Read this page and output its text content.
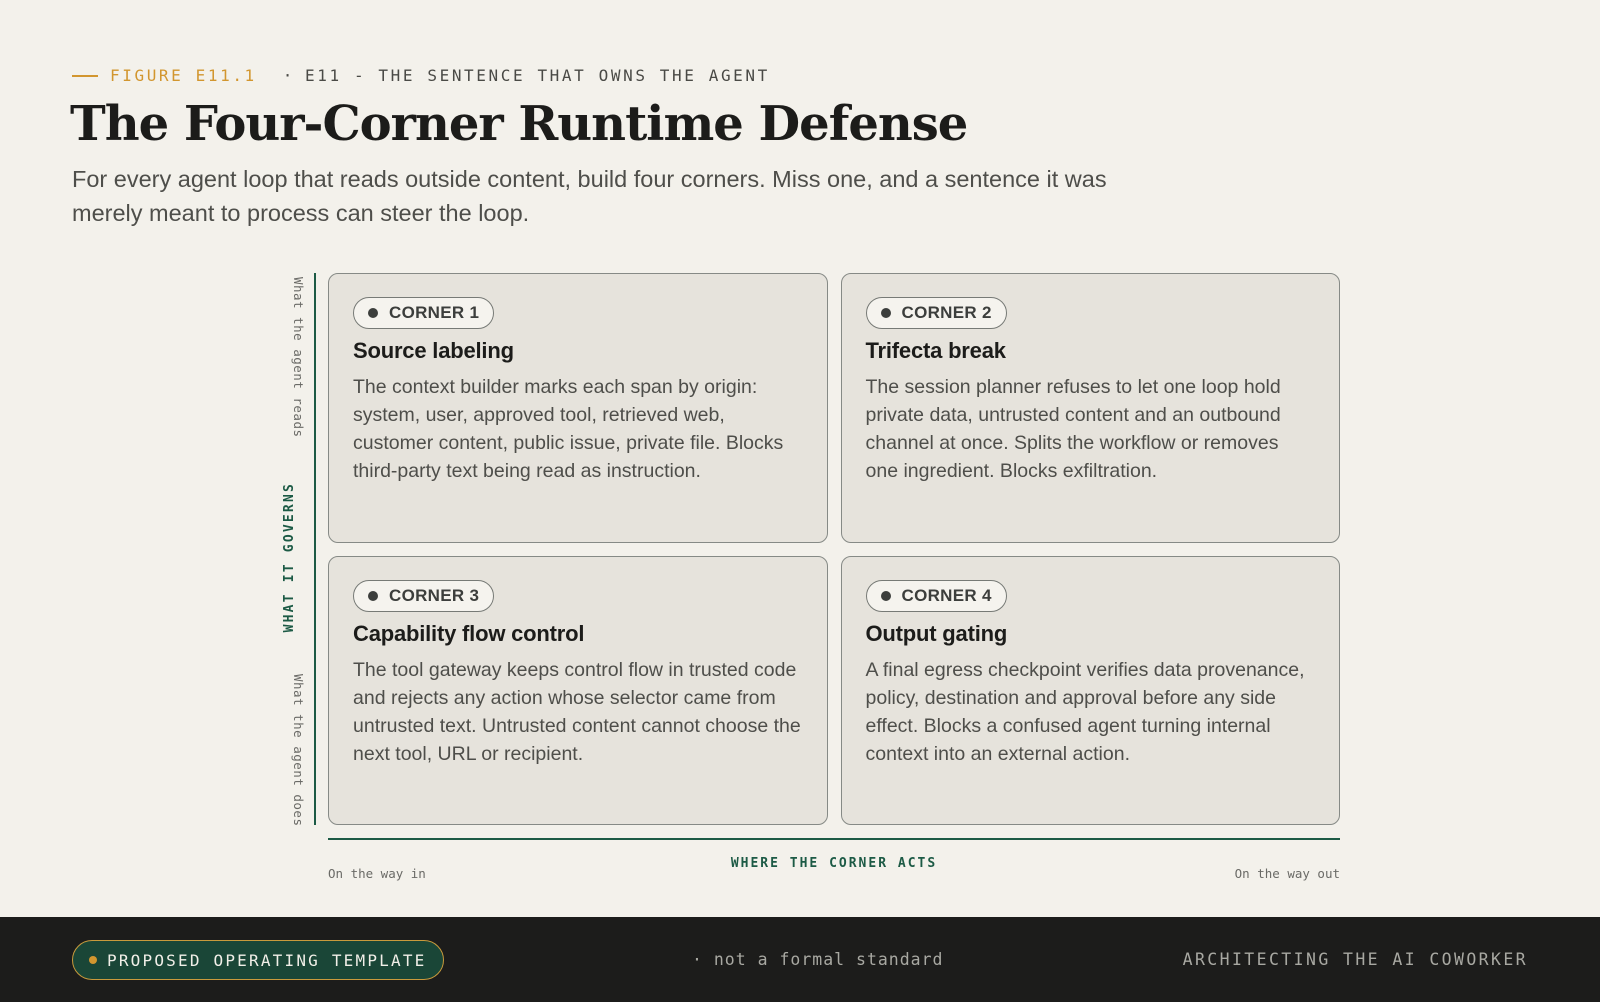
FIGURE E11.1 · E11 - THE SENTENCE THAT OWNS THE AGENT
The Four-Corner Runtime Defense

For every agent loop that reads outside content, build four corners. Miss one, and a sentence it was merely meant to process can steer the loop.

What the agent reads
WHAT IT GOVERNS
What the agent does
CORNER 1
Source labeling
The context builder marks each span by origin: system, user, approved tool, retrieved web, customer content, public issue, private file. Blocks third-party text being read as instruction.
CORNER 2
Trifecta break
The session planner refuses to let one loop hold private data, untrusted content and an outbound channel at once. Splits the workflow or removes one ingredient. Blocks exfiltration.
CORNER 3
Capability flow control
The tool gateway keeps control flow in trusted code and rejects any action whose selector came from untrusted text. Untrusted content cannot choose the next tool, URL or recipient.
CORNER 4
Output gating
A final egress checkpoint verifies data provenance, policy, destination and approval before any side effect. Blocks a confused agent turning internal context into an external action.
On the way in
WHERE THE CORNER ACTS
On the way out
PROPOSED OPERATING TEMPLATE	· not a formal standard	ARCHITECTING THE AI COWORKER
